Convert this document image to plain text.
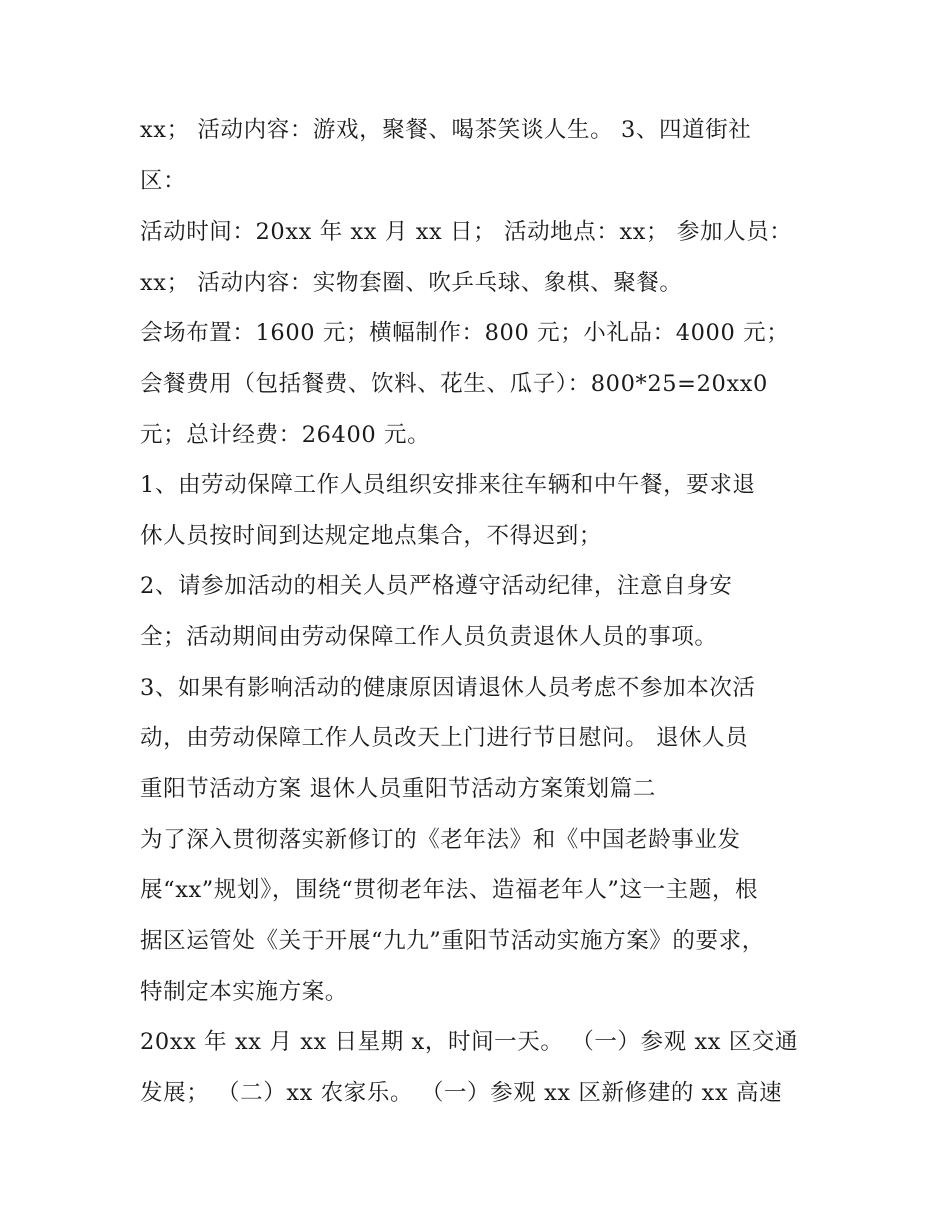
xx； 活动内容：游戏，聚餐、喝茶笑谈人生。 3、四道街社
区：
活动时间：20xx 年 xx 月 xx 日； 活动地点：xx； 参加人员：
xx； 活动内容：实物套圈、吹乒乓球、象棋、聚餐。
会场布置：1600 元；横幅制作：800 元；小礼品：4000 元；
会餐费用（包括餐费、饮料、花生、瓜子）：800*25=20xx0
元；总计经费：26400 元。
1、由劳动保障工作人员组织安排来往车辆和中午餐，要求退
休人员按时间到达规定地点集合，不得迟到；
2、请参加活动的相关人员严格遵守活动纪律，注意自身安
全；活动期间由劳动保障工作人员负责退休人员的事项。
3、如果有影响活动的健康原因请退休人员考虑不参加本次活
动，由劳动保障工作人员改天上门进行节日慰问。 退休人员
重阳节活动方案 退休人员重阳节活动方案策划篇二
为了深入贯彻落实新修订的《老年法》和《中国老龄事业发
展“xx”规划》，围绕“贯彻老年法、造福老年人”这一主题，根
据区运管处《关于开展“九九”重阳节活动实施方案》的要求，
特制定本实施方案。
20xx 年 xx 月 xx 日星期 x，时间一天。 （一）参观 xx 区交通
发展； （二）xx 农家乐。 （一）参观 xx 区新修建的 xx 高速
